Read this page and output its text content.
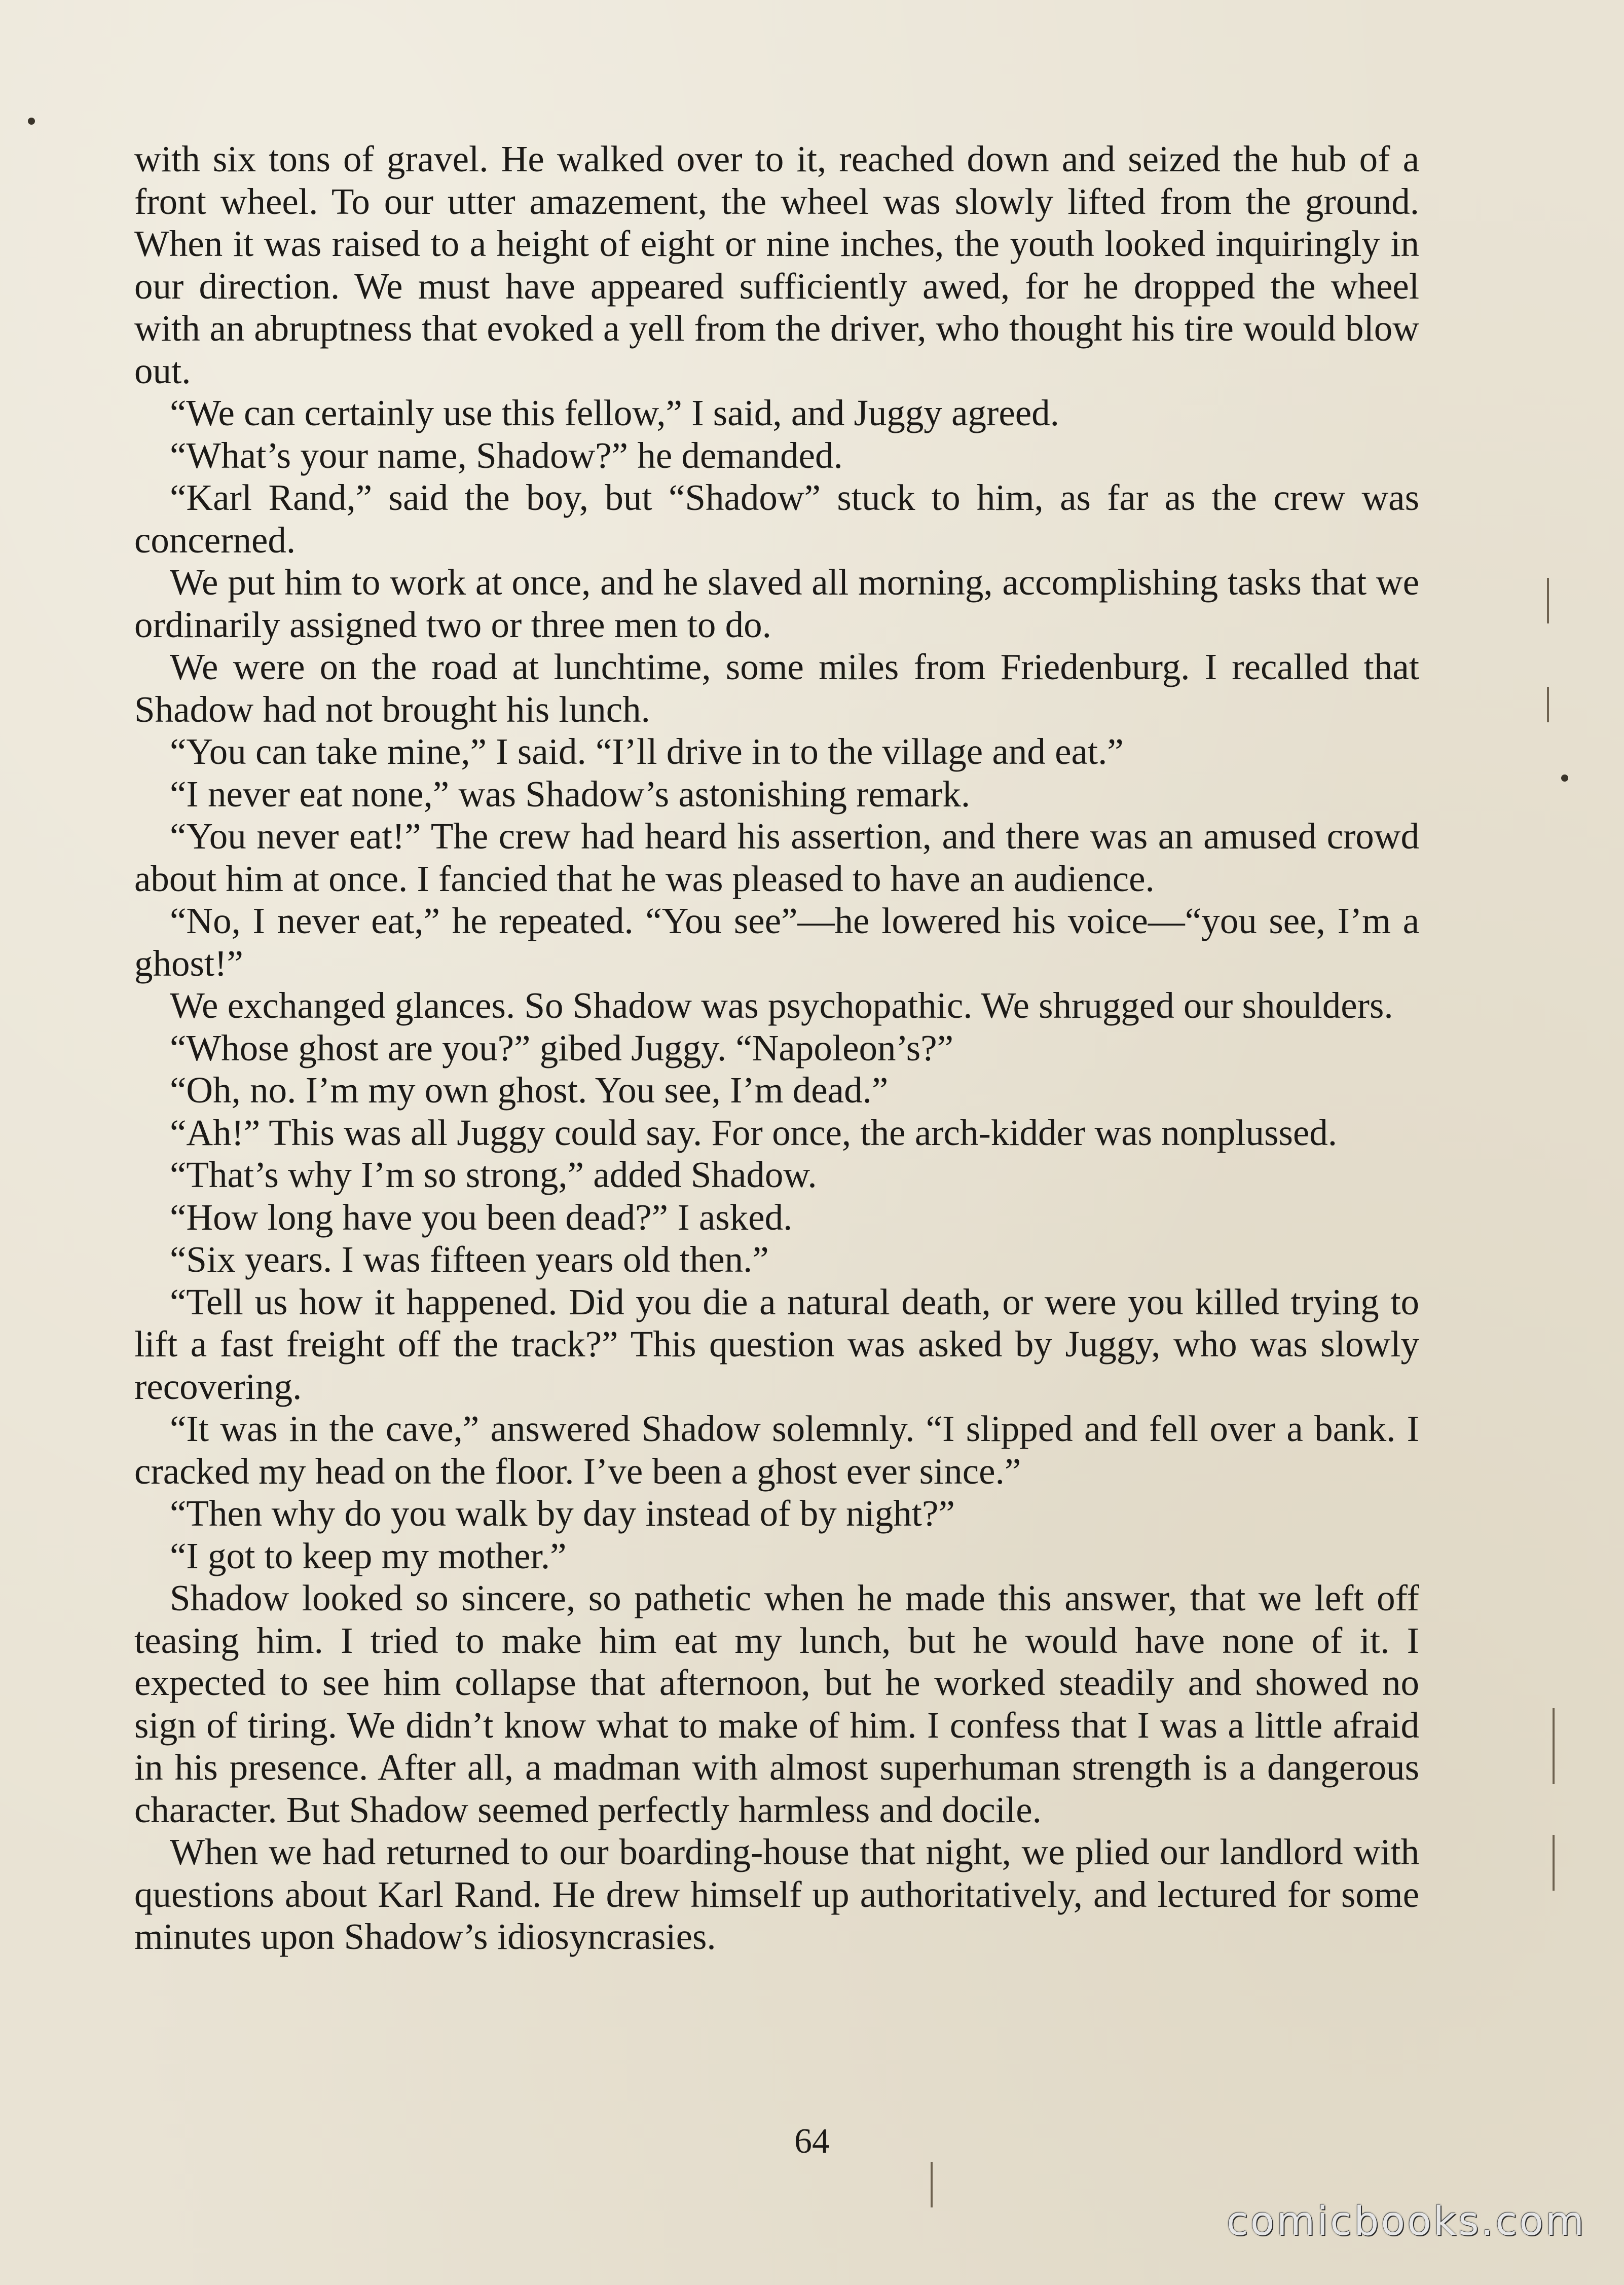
with six tons of gravel. He walked over to it, reached down and seized the hub of a front wheel. To our utter amazement, the wheel was slowly lifted from the ground. When it was raised to a height of eight or nine inches, the youth looked inquiringly in our direction. We must have appeared sufficiently awed, for he dropped the wheel with an abruptness that evoked a yell from the driver, who thought his tire would blow out.

“We can certainly use this fellow,” I said, and Juggy agreed.

“What’s your name, Shadow?” he demanded.

“Karl Rand,” said the boy, but “Shadow” stuck to him, as far as the crew was concerned.

We put him to work at once, and he slaved all morning, accomplishing tasks that we ordinarily assigned two or three men to do.

We were on the road at lunchtime, some miles from Friedenburg. I recalled that Shadow had not brought his lunch.

“You can take mine,” I said. “I’ll drive in to the village and eat.”

“I never eat none,” was Shadow’s astonishing remark.

“You never eat!” The crew had heard his assertion, and there was an amused crowd about him at once. I fancied that he was pleased to have an audience.

“No, I never eat,” he repeated. “You see”—he lowered his voice—“you see, I’m a ghost!”

We exchanged glances. So Shadow was psychopathic. We shrugged our shoulders.

“Whose ghost are you?” gibed Juggy. “Napoleon’s?”

“Oh, no. I’m my own ghost. You see, I’m dead.”

“Ah!” This was all Juggy could say. For once, the arch-kidder was nonplussed.

“That’s why I’m so strong,” added Shadow.

“How long have you been dead?” I asked.

“Six years. I was fifteen years old then.”

“Tell us how it happened. Did you die a natural death, or were you killed trying to lift a fast freight off the track?” This question was asked by Juggy, who was slowly recovering.

“It was in the cave,” answered Shadow solemnly. “I slipped and fell over a bank. I cracked my head on the floor. I’ve been a ghost ever since.”

“Then why do you walk by day instead of by night?”

“I got to keep my mother.”

Shadow looked so sincere, so pathetic when he made this answer, that we left off teasing him. I tried to make him eat my lunch, but he would have none of it. I expected to see him collapse that afternoon, but he worked steadily and showed no sign of tiring. We didn’t know what to make of him. I confess that I was a little afraid in his presence. After all, a madman with almost superhuman strength is a dangerous character. But Shadow seemed perfectly harmless and docile.

When we had returned to our boarding-house that night, we plied our landlord with questions about Karl Rand. He drew himself up authoritatively, and lectured for some minutes upon Shadow’s idiosyncrasies.

64
comicbooks.com
